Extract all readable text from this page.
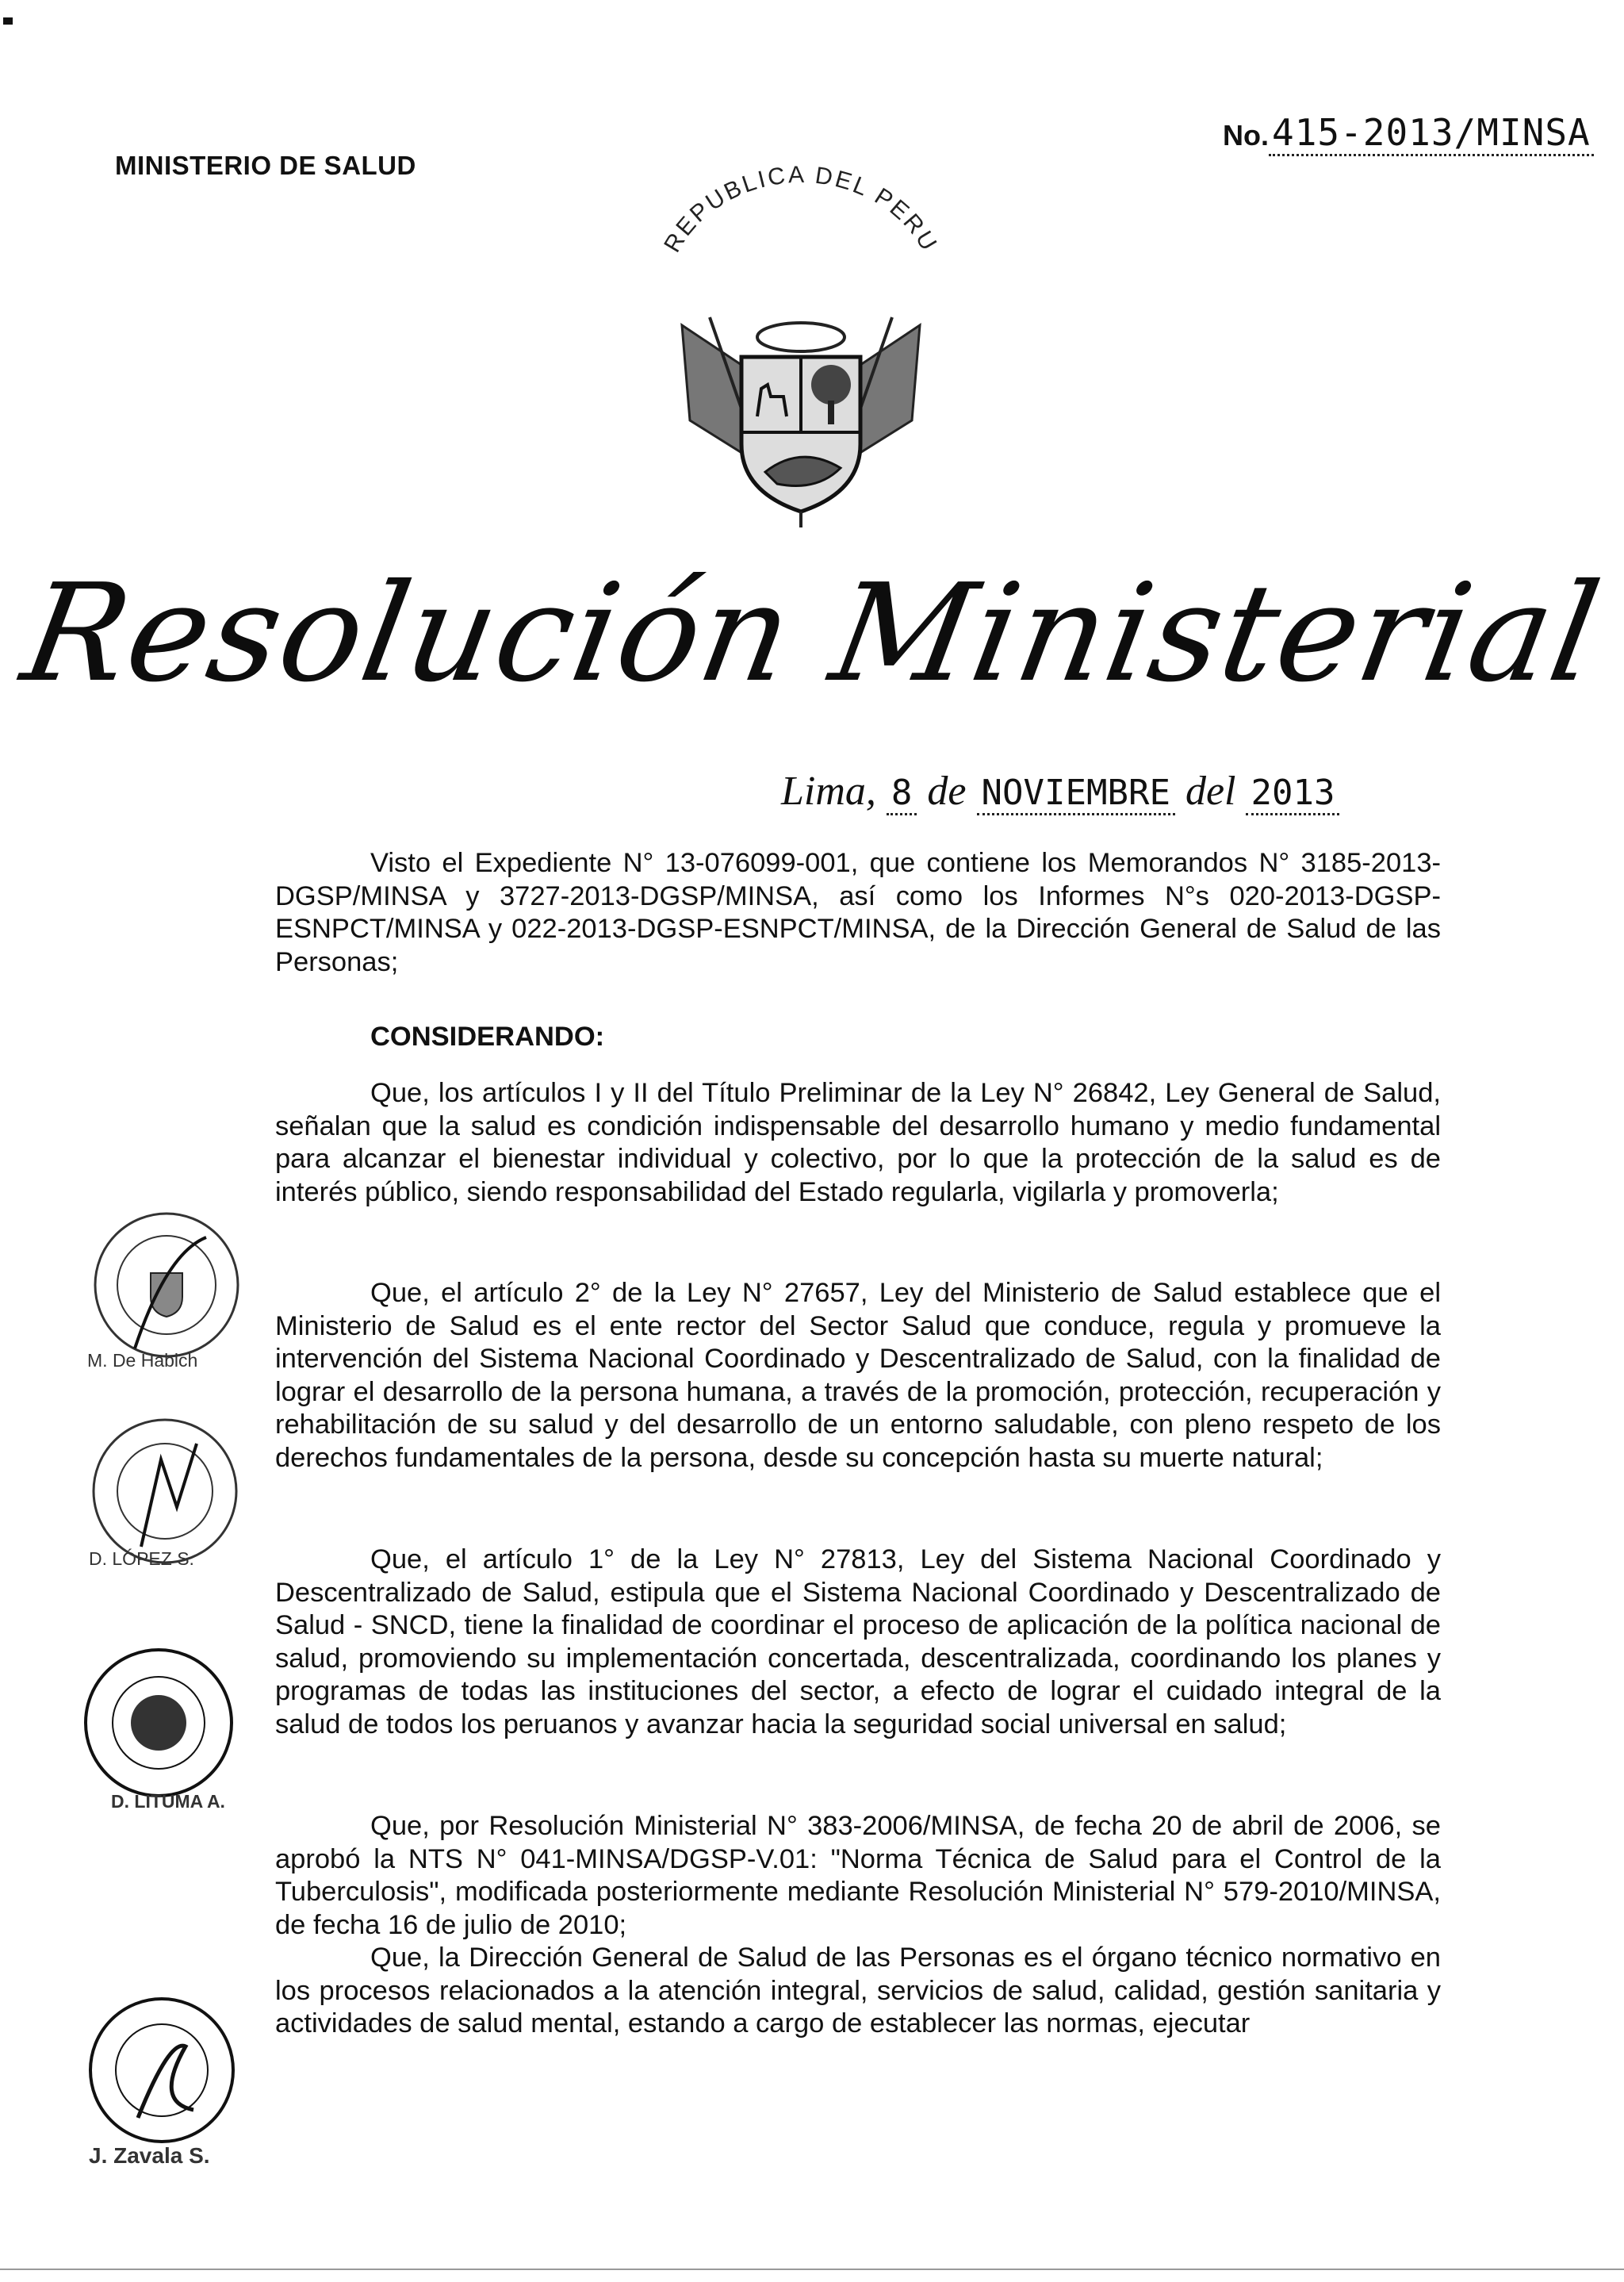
MINISTERIO DE SALUD
No.415-2013/MINSA
REPUBLICA DEL PERU
Resolución Ministerial
Lima, 8 de NOVIEMBRE del 2013
Visto el Expediente N° 13-076099-001, que contiene los Memorandos N° 3185-2013-DGSP/MINSA y 3727-2013-DGSP/MINSA, así como los Informes N°s 020-2013-DGSP-ESNPCT/MINSA y 022-2013-DGSP-ESNPCT/MINSA, de la Dirección General de Salud de las Personas;
CONSIDERANDO:
Que, los artículos I y II del Título Preliminar de la Ley N° 26842, Ley General de Salud, señalan que la salud es condición indispensable del desarrollo humano y medio fundamental para alcanzar el bienestar individual y colectivo, por lo que la protección de la salud es de interés público, siendo responsabilidad del Estado regularla, vigilarla y promoverla;
Que, el artículo 2° de la Ley N° 27657, Ley del Ministerio de Salud establece que el Ministerio de Salud es el ente rector del Sector Salud que conduce, regula y promueve la intervención del Sistema Nacional Coordinado y Descentralizado de Salud, con la finalidad de lograr el desarrollo de la persona humana, a través de la promoción, protección, recuperación y rehabilitación de su salud y del desarrollo de un entorno saludable, con pleno respeto de los derechos fundamentales de la persona, desde su concepción hasta su muerte natural;
Que, el artículo 1° de la Ley N° 27813, Ley del Sistema Nacional Coordinado y Descentralizado de Salud, estipula que el Sistema Nacional Coordinado y Descentralizado de Salud - SNCD, tiene la finalidad de coordinar el proceso de aplicación de la política nacional de salud, promoviendo su implementación concertada, descentralizada, coordinando los planes y programas de todas las instituciones del sector, a efecto de lograr el cuidado integral de la salud de todos los peruanos y avanzar hacia la seguridad social universal en salud;
Que, por Resolución Ministerial N° 383-2006/MINSA, de fecha 20 de abril de 2006, se aprobó la NTS N° 041-MINSA/DGSP-V.01: "Norma Técnica de Salud para el Control de la Tuberculosis", modificada posteriormente mediante Resolución Ministerial N° 579-2010/MINSA, de fecha 16 de julio de 2010;
Que, la Dirección General de Salud de las Personas es el órgano técnico normativo en los procesos relacionados a la atención integral, servicios de salud, calidad, gestión sanitaria y actividades de salud mental, estando a cargo de establecer las normas, ejecutar
M. De Habich
D. LÓPEZ S.
D. LITUMA A.
J. Zavala S.
